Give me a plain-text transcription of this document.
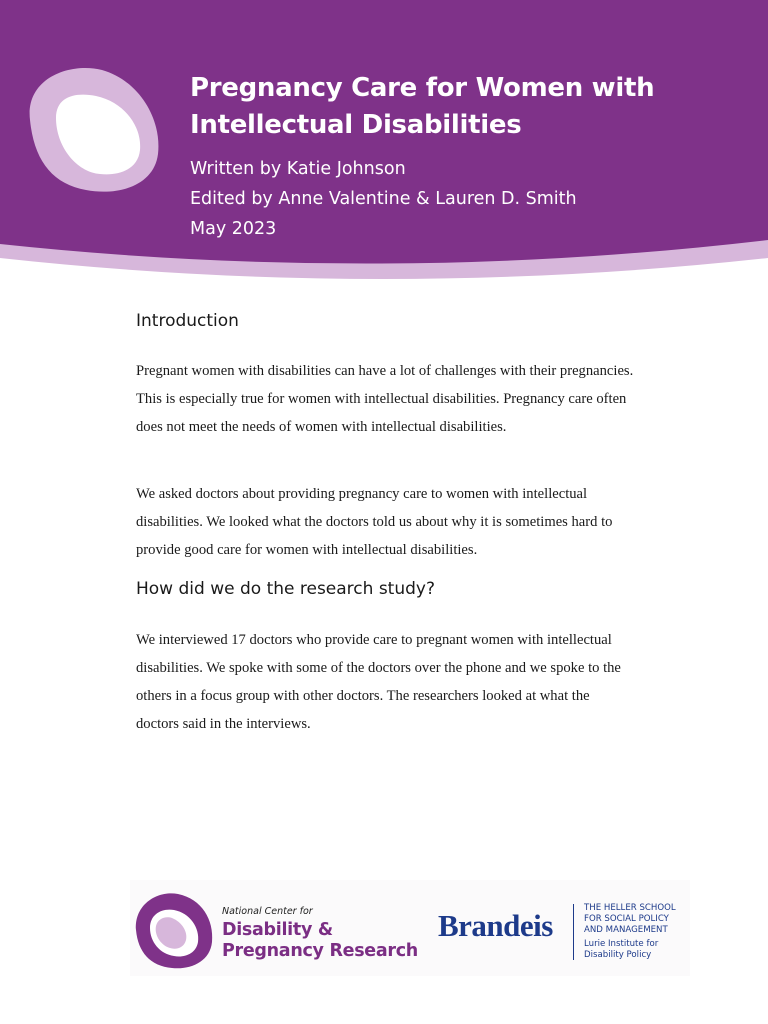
Pregnancy Care for Women with Intellectual Disabilities
Written by Katie Johnson
Edited by Anne Valentine & Lauren D. Smith
May 2023
Introduction

Pregnant women with disabilities can have a lot of challenges with their pregnancies. This is especially true for women with intellectual disabilities. Pregnancy care often does not meet the needs of women with intellectual disabilities.

We asked doctors about providing pregnancy care to women with intellectual disabilities. We looked what the doctors told us about why it is sometimes hard to provide good care for women with intellectual disabilities.

How did we do the research study?

We interviewed 17 doctors who provide care to pregnant women with intellectual disabilities. We spoke with some of the doctors over the phone and we spoke to the others in a focus group with other doctors. The researchers looked at what the doctors said in the interviews.

National Center for
Disability &
Pregnancy Research
Brandeis	THE HELLER SCHOOL
FOR SOCIAL POLICY
AND MANAGEMENT
Lurie Institute for
Disability Policy
